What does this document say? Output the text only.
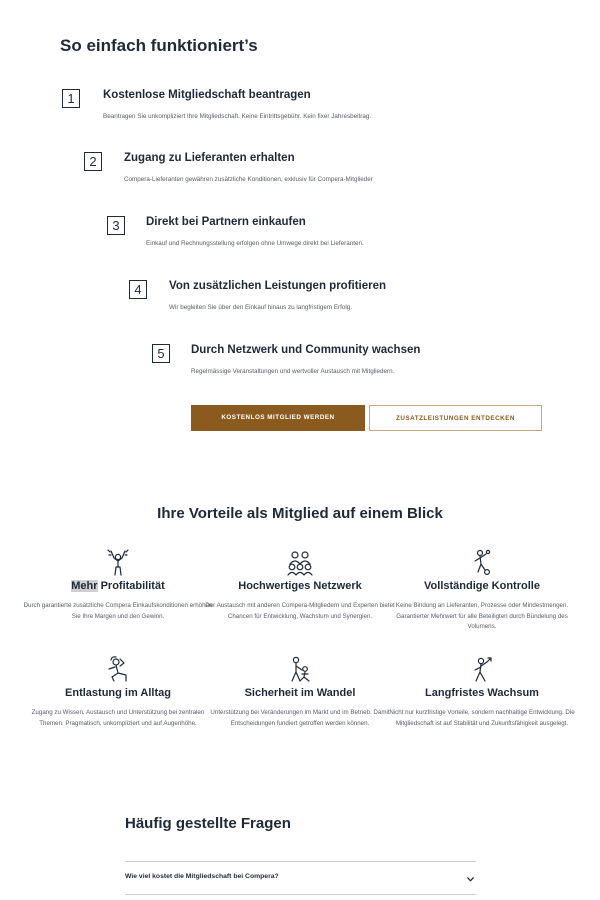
So einfach funktioniert’s
1	Kostenlose Mitgliedschaft beantragen
Beantragen Sie unkompliziert Ihre Mitgliedschaft. Keine Eintrittsgebühr. Kein fixer Jahresbeitrag.
2	Zugang zu Lieferanten erhalten
Compera-Lieferanten gewähren zusätzliche Konditionen, exklusiv für Compera-Mitglieder
3	Direkt bei Partnern einkaufen
Einkauf und Rechnungsstellung erfolgen ohne Umwege direkt bei Lieferanten.
4	Von zusätzlichen Leistungen profitieren
Wir begleiten Sie über den Einkauf hinaus zu langfristigem Erfolg.
5	Durch Netzwerk und Community wachsen
Regelmässige Veranstaltungen und wertvoller Austausch mit Mitgliedern.
KOSTENLOS MITGLIED WERDEN	ZUSATZLEISTUNGEN ENTDECKEN
Ihre Vorteile als Mitglied auf einem Blick
Mehr Profitabilität
Durch garantierte zusätzliche Compera Einkaufskonditionen erhöhen Sie Ihre Margen und den Gewinn.
Hochwertiges Netzwerk
Der Austausch mit anderen Compera-Mitgliedern und Experten bietet Chancen für Entwicklung, Wachstum und Synergien.
Vollständige Kontrolle
Keine Bindung an Lieferanten, Prozesse oder Mindestmengen. Garantierter Mehrwert für alle Beteiligten durch Bündelung des Volumens.
Entlastung im Alltag
Zugang zu Wissen, Austausch und Unterstützung bei zentralen Themen. Pragmatisch, unkompliziert und auf Augenhöhe.
Sicherheit im Wandel
Unterstützung bei Veränderungen im Markt und im Betrieb. Damit Entscheidungen fundiert getroffen werden können.
Langfristes Wachsum
Nicht nur kurzfristige Vorteile, sondern nachhaltige Entwicklung. Die Mitgliedschaft ist auf Stabilität und Zukunftsfähigkeit ausgelegt.
Häufig gestellte Fragen
Wie viel kostet die Mitgliedschaft bei Compera?
